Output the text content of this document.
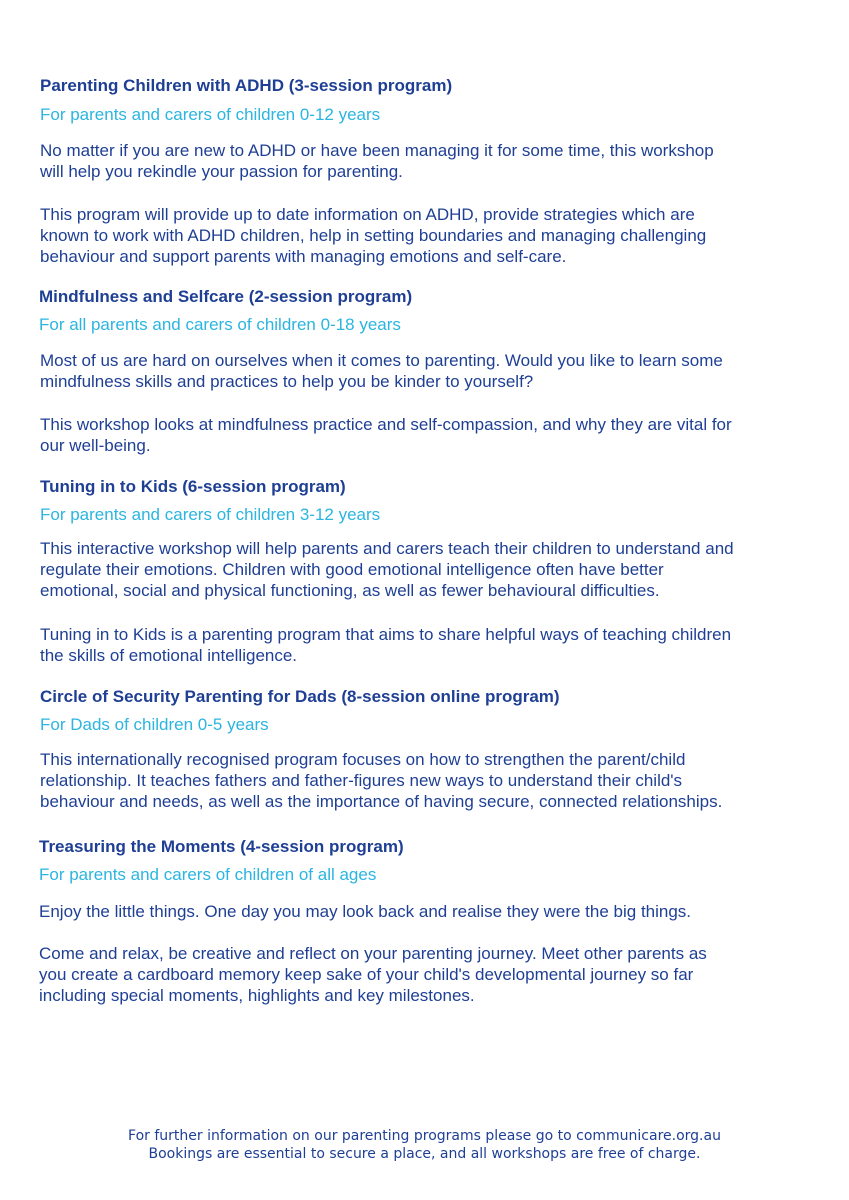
Parenting Children with ADHD (3-session program)
For parents and carers of children 0-12 years
No matter if you are new to ADHD or have been managing it for some time, this workshop
will help you rekindle your passion for parenting.
This program will provide up to date information on ADHD, provide strategies which are
known to work with ADHD children, help in setting boundaries and managing challenging
behaviour and support parents with managing emotions and self-care.
Mindfulness and Selfcare (2-session program)
For all parents and carers of children 0-18 years
Most of us are hard on ourselves when it comes to parenting. Would you like to learn some
mindfulness skills and practices to help you be kinder to yourself?
This workshop looks at mindfulness practice and self-compassion, and why they are vital for
our well-being.
Tuning in to Kids (6-session program)
For parents and carers of children 3-12 years
This interactive workshop will help parents and carers teach their children to understand and
regulate their emotions. Children with good emotional intelligence often have better
emotional, social and physical functioning, as well as fewer behavioural difficulties.
Tuning in to Kids is a parenting program that aims to share helpful ways of teaching children
the skills of emotional intelligence.
Circle of Security Parenting for Dads (8-session online program)
For Dads of children 0-5 years
This internationally recognised program focuses on how to strengthen the parent/child
relationship. It teaches fathers and father-figures new ways to understand their child's
behaviour and needs, as well as the importance of having secure, connected relationships.
Treasuring the Moments (4-session program)
For parents and carers of children of all ages
Enjoy the little things. One day you may look back and realise they were the big things.
Come and relax, be creative and reflect on your parenting journey. Meet other parents as
you create a cardboard memory keep sake of your child's developmental journey so far
including special moments, highlights and key milestones.
For further information on our parenting programs please go to communicare.org.au
Bookings are essential to secure a place, and all workshops are free of charge.
